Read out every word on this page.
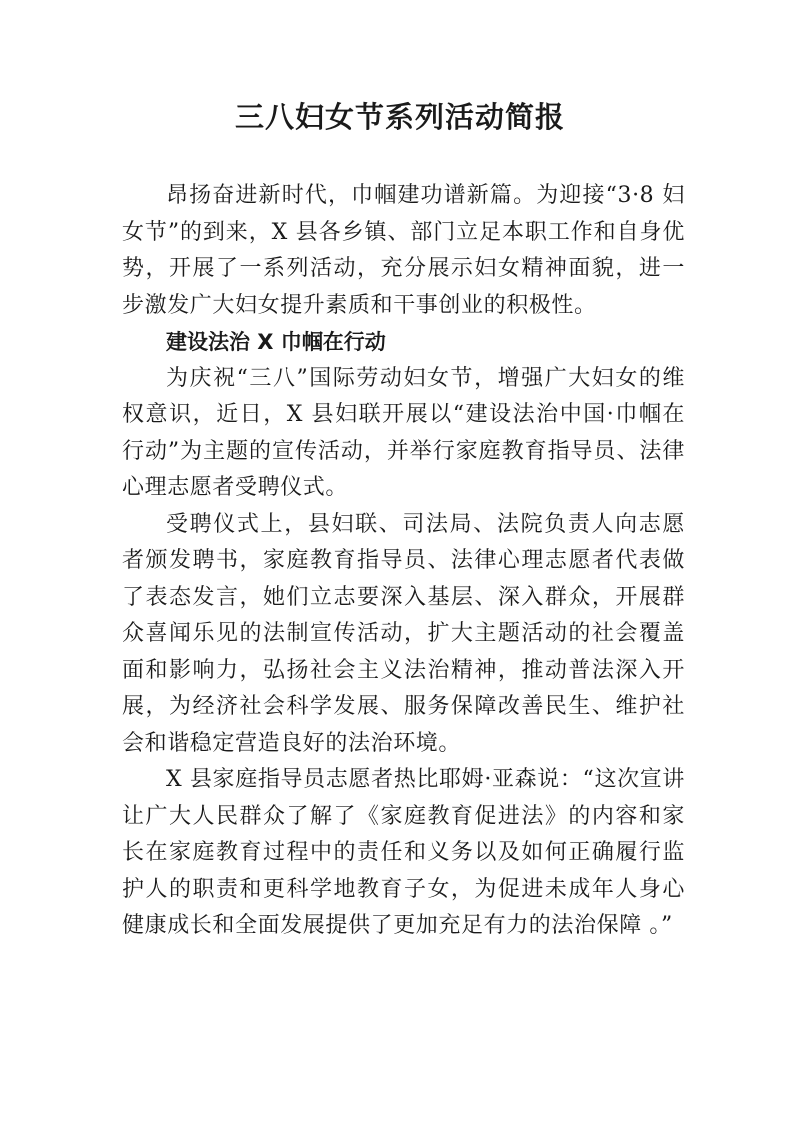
三八妇女节系列活动简报

昂扬奋进新时代，巾帼建功谱新篇。为迎接“3·8 妇女节”的到来，X 县各乡镇、部门立足本职工作和自身优势，开展了一系列活动，充分展示妇女精神面貌，进一步激发广大妇女提升素质和干事创业的积极性。

建设法治 X 巾帼在行动

为庆祝“三八”国际劳动妇女节，增强广大妇女的维权意识，近日，X 县妇联开展以“建设法治中国·巾帼在行动”为主题的宣传活动，并举行家庭教育指导员、法律心理志愿者受聘仪式。

受聘仪式上，县妇联、司法局、法院负责人向志愿者颁发聘书，家庭教育指导员、法律心理志愿者代表做了表态发言，她们立志要深入基层、深入群众，开展群众喜闻乐见的法制宣传活动，扩大主题活动的社会覆盖面和影响力，弘扬社会主义法治精神，推动普法深入开展，为经济社会科学发展、服务保障改善民生、维护社会和谐稳定营造良好的法治环境。

X 县家庭指导员志愿者热比耶姆·亚森说：“这次宣讲让广大人民群众了解了《家庭教育促进法》的内容和家长在家庭教育过程中的责任和义务以及如何正确履行监护人的职责和更科学地教育子女，为促进未成年人身心健康成长和全面发展提供了更加充足有力的法治保障 。”
